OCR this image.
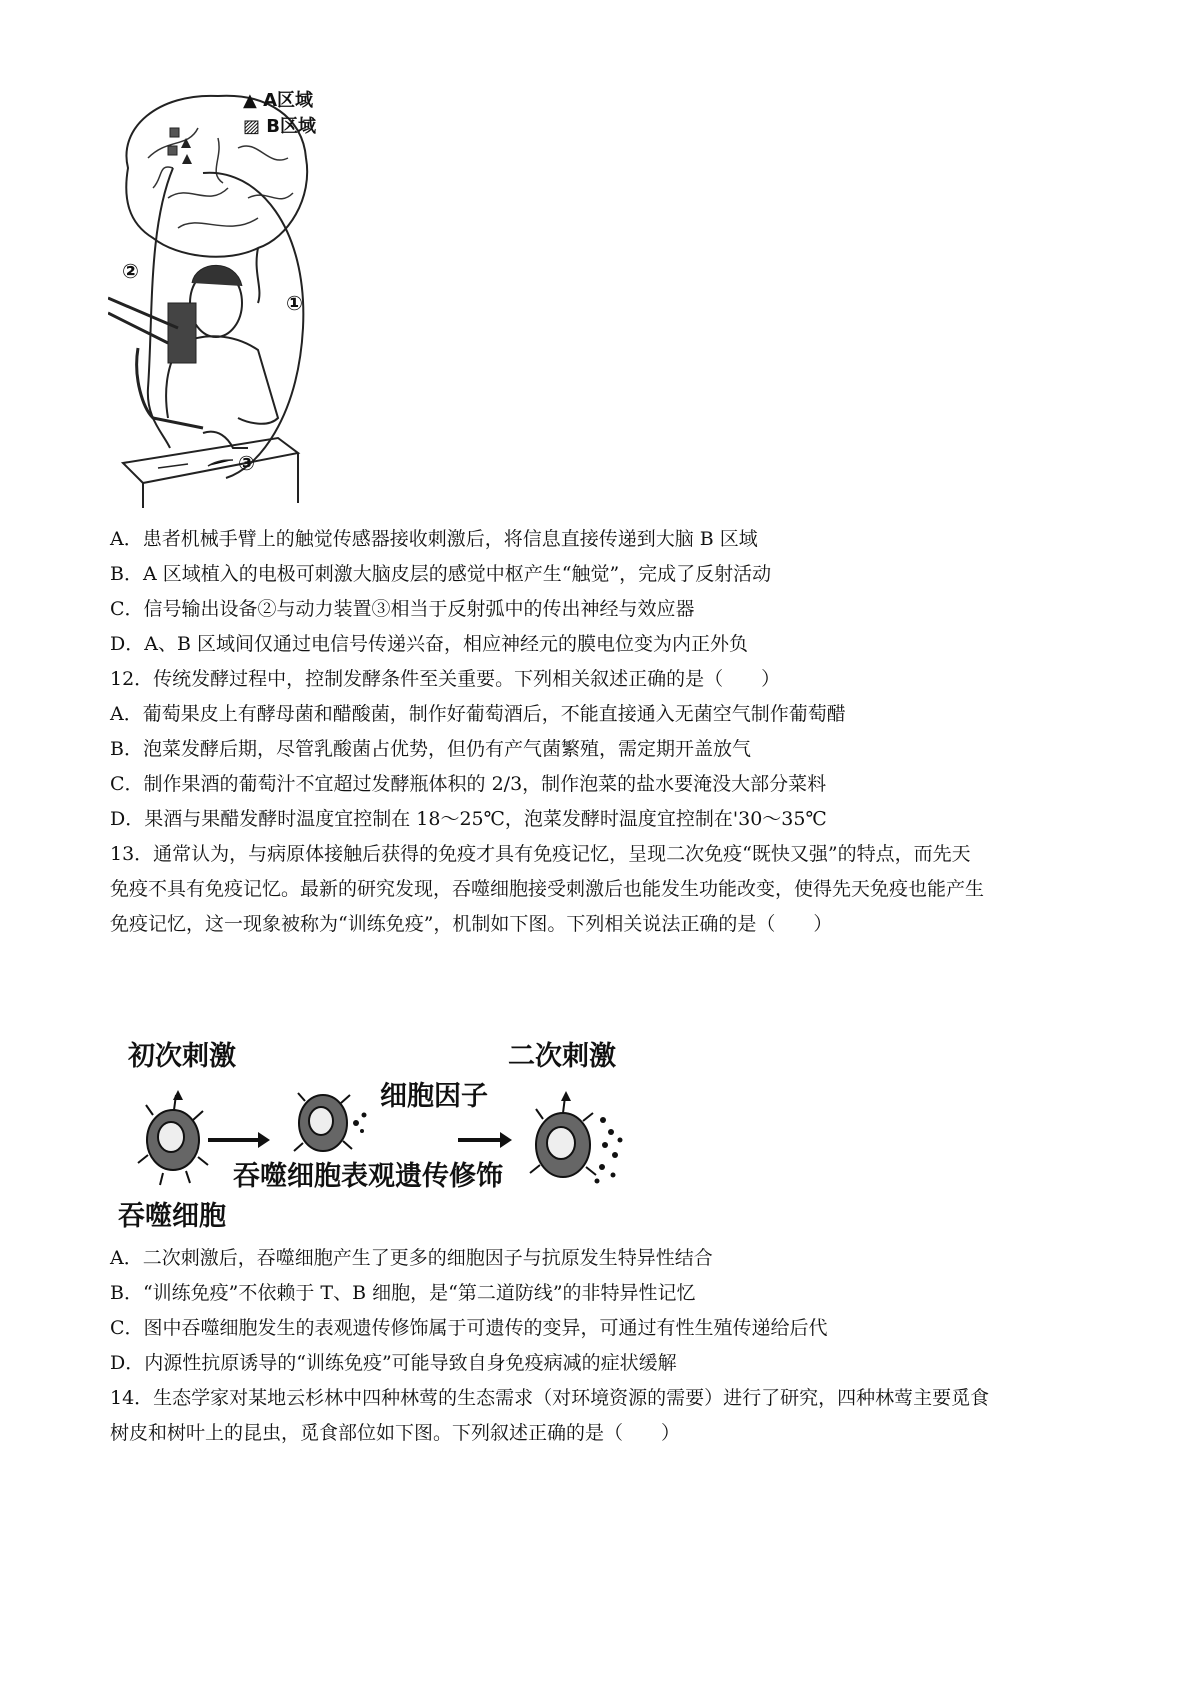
▲ A区域
▨ B区域
①
②
③
A．患者机械手臂上的触觉传感器接收刺激后，将信息直接传递到大脑 B 区域
B．A 区域植入的电极可刺激大脑皮层的感觉中枢产生“触觉”，完成了反射活动
C．信号输出设备②与动力装置③相当于反射弧中的传出神经与效应器
D．A、B 区域间仅通过电信号传递兴奋，相应神经元的膜电位变为内正外负
12．传统发酵过程中，控制发酵条件至关重要。下列相关叙述正确的是（　　）
A．葡萄果皮上有酵母菌和醋酸菌，制作好葡萄酒后，不能直接通入无菌空气制作葡萄醋
B．泡菜发酵后期，尽管乳酸菌占优势，但仍有产气菌繁殖，需定期开盖放气
C．制作果酒的葡萄汁不宜超过发酵瓶体积的 2/3，制作泡菜的盐水要淹没大部分菜料
D．果酒与果醋发酵时温度宜控制在 18～25℃，泡菜发酵时温度宜控制在'30～35℃
13．通常认为，与病原体接触后获得的免疫才具有免疫记忆，呈现二次免疫“既快又强”的特点，而先天
免疫不具有免疫记忆。最新的研究发现，吞噬细胞接受刺激后也能发生功能改变，使得先天免疫也能产生
免疫记忆，这一现象被称为“训练免疫”，机制如下图。下列相关说法正确的是（　　）
初次刺激
吞噬细胞
细胞因子
吞噬细胞表观遗传修饰
二次刺激
A．二次刺激后，吞噬细胞产生了更多的细胞因子与抗原发生特异性结合
B．“训练免疫”不依赖于 T、B 细胞，是“第二道防线”的非特异性记忆
C．图中吞噬细胞发生的表观遗传修饰属于可遗传的变异，可通过有性生殖传递给后代
D．内源性抗原诱导的“训练免疫”可能导致自身免疫病减的症状缓解
14．生态学家对某地云杉林中四种林莺的生态需求（对环境资源的需要）进行了研究，四种林莺主要觅食
树皮和树叶上的昆虫，觅食部位如下图。下列叙述正确的是（　　）
